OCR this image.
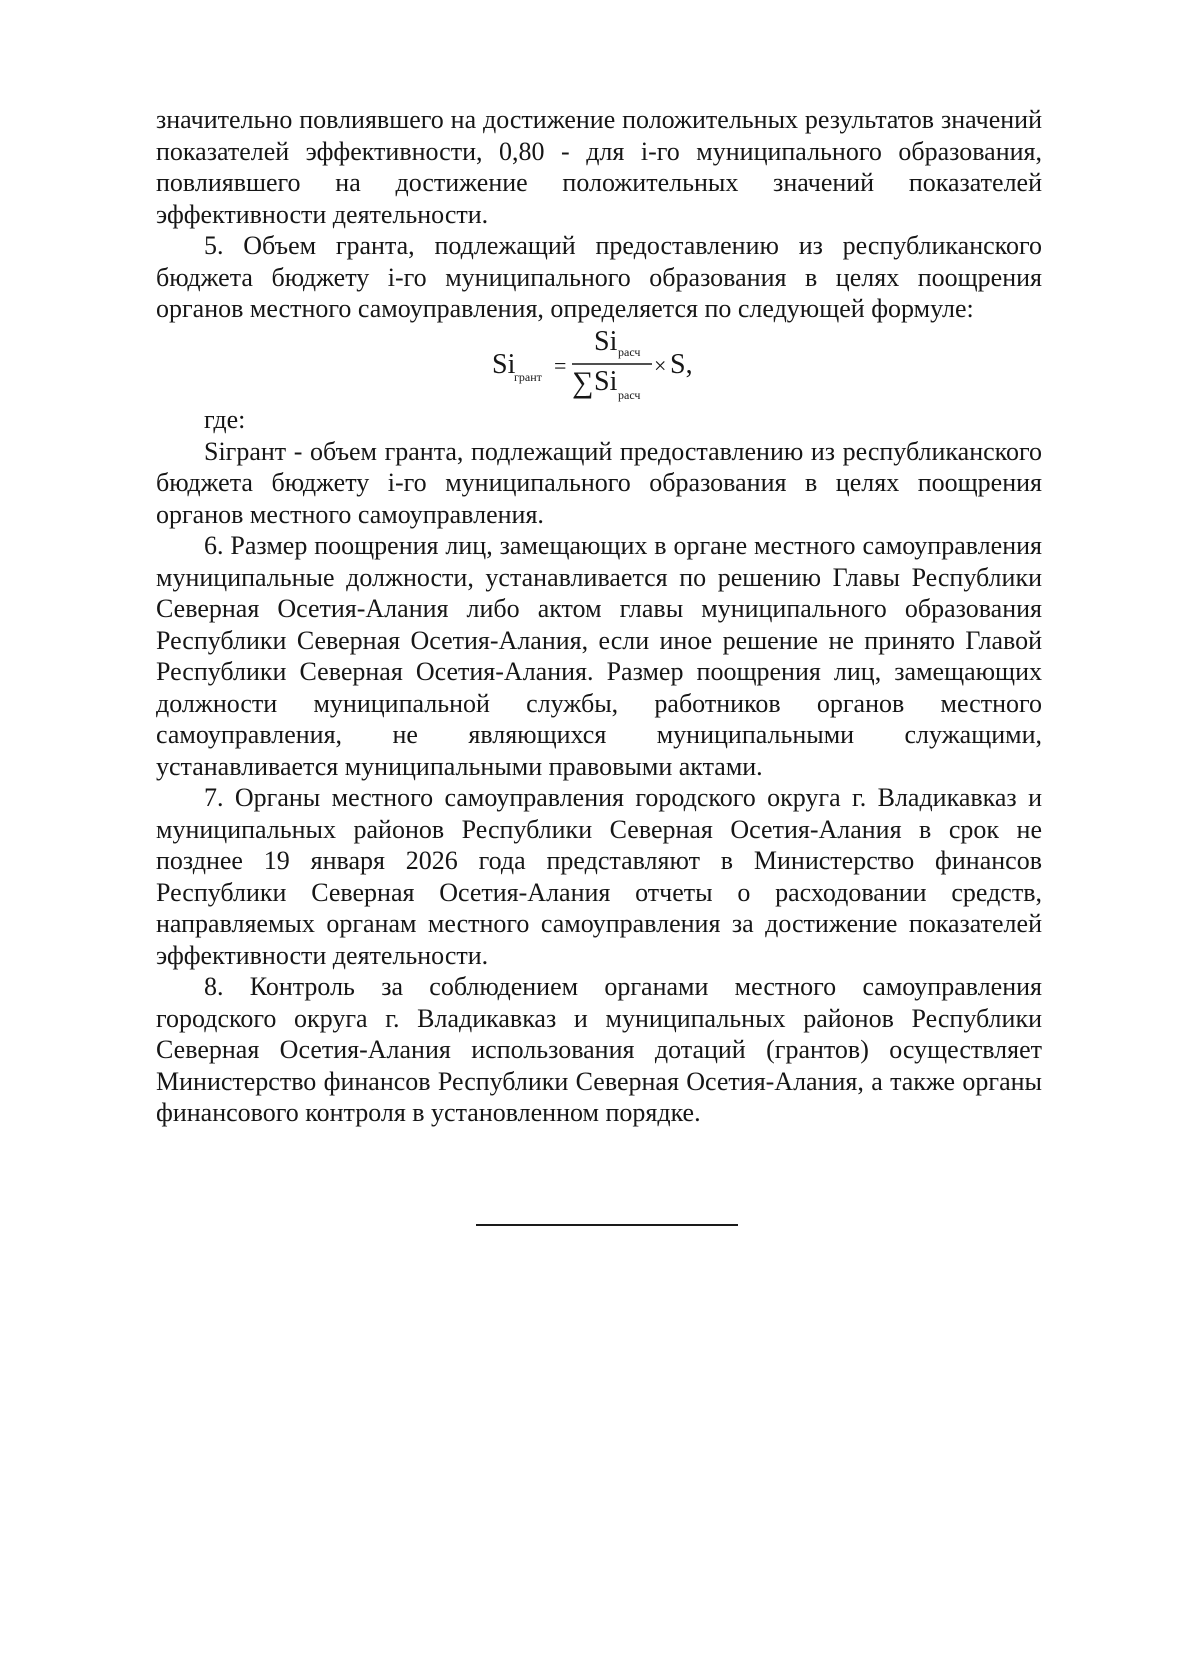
значительно повлиявшего на достижение положительных результатов значений показателей эффективности, 0,80 - для i-го муниципального образования, повлиявшего на достижение положительных значений показателей эффективности деятельности.

5. Объем гранта, подлежащий предоставлению из республиканского бюджета бюджету i-го муниципального образования в целях поощрения органов местного самоуправления, определяется по следующей формуле:

Si
грант =
Si расч
∑ Si расч
× S,

где:

Sігрант - объем гранта, подлежащий предоставлению из республиканского бюджета бюджету і-го муниципального образования в целях поощрения органов местного самоуправления.

6. Размер поощрения лиц, замещающих в органе местного самоуправления муниципальные должности, устанавливается по решению Главы Республики Северная Осетия-Алания либо актом главы муниципального образования Республики Северная Осетия-Алания, если иное решение не принято Главой Республики Северная Осетия-Алания. Размер поощрения лиц, замещающих должности муниципальной службы, работников органов местного самоуправления, не являющихся муниципальными служащими, устанавливается муниципальными правовыми актами.

7. Органы местного самоуправления городского округа г. Владикавказ и муниципальных районов Республики Северная Осетия-Алания в срок не позднее 19 января 2026 года представляют в Министерство финансов Республики Северная Осетия-Алания отчеты о расходовании средств, направляемых органам местного самоуправления за достижение показателей эффективности деятельности.

8. Контроль за соблюдением органами местного самоуправления городского округа г. Владикавказ и муниципальных районов Республики Северная Осетия-Алания использования дотаций (грантов) осуществляет Министерство финансов Республики Северная Осетия-Алания, а также органы финансового контроля в установленном порядке.
